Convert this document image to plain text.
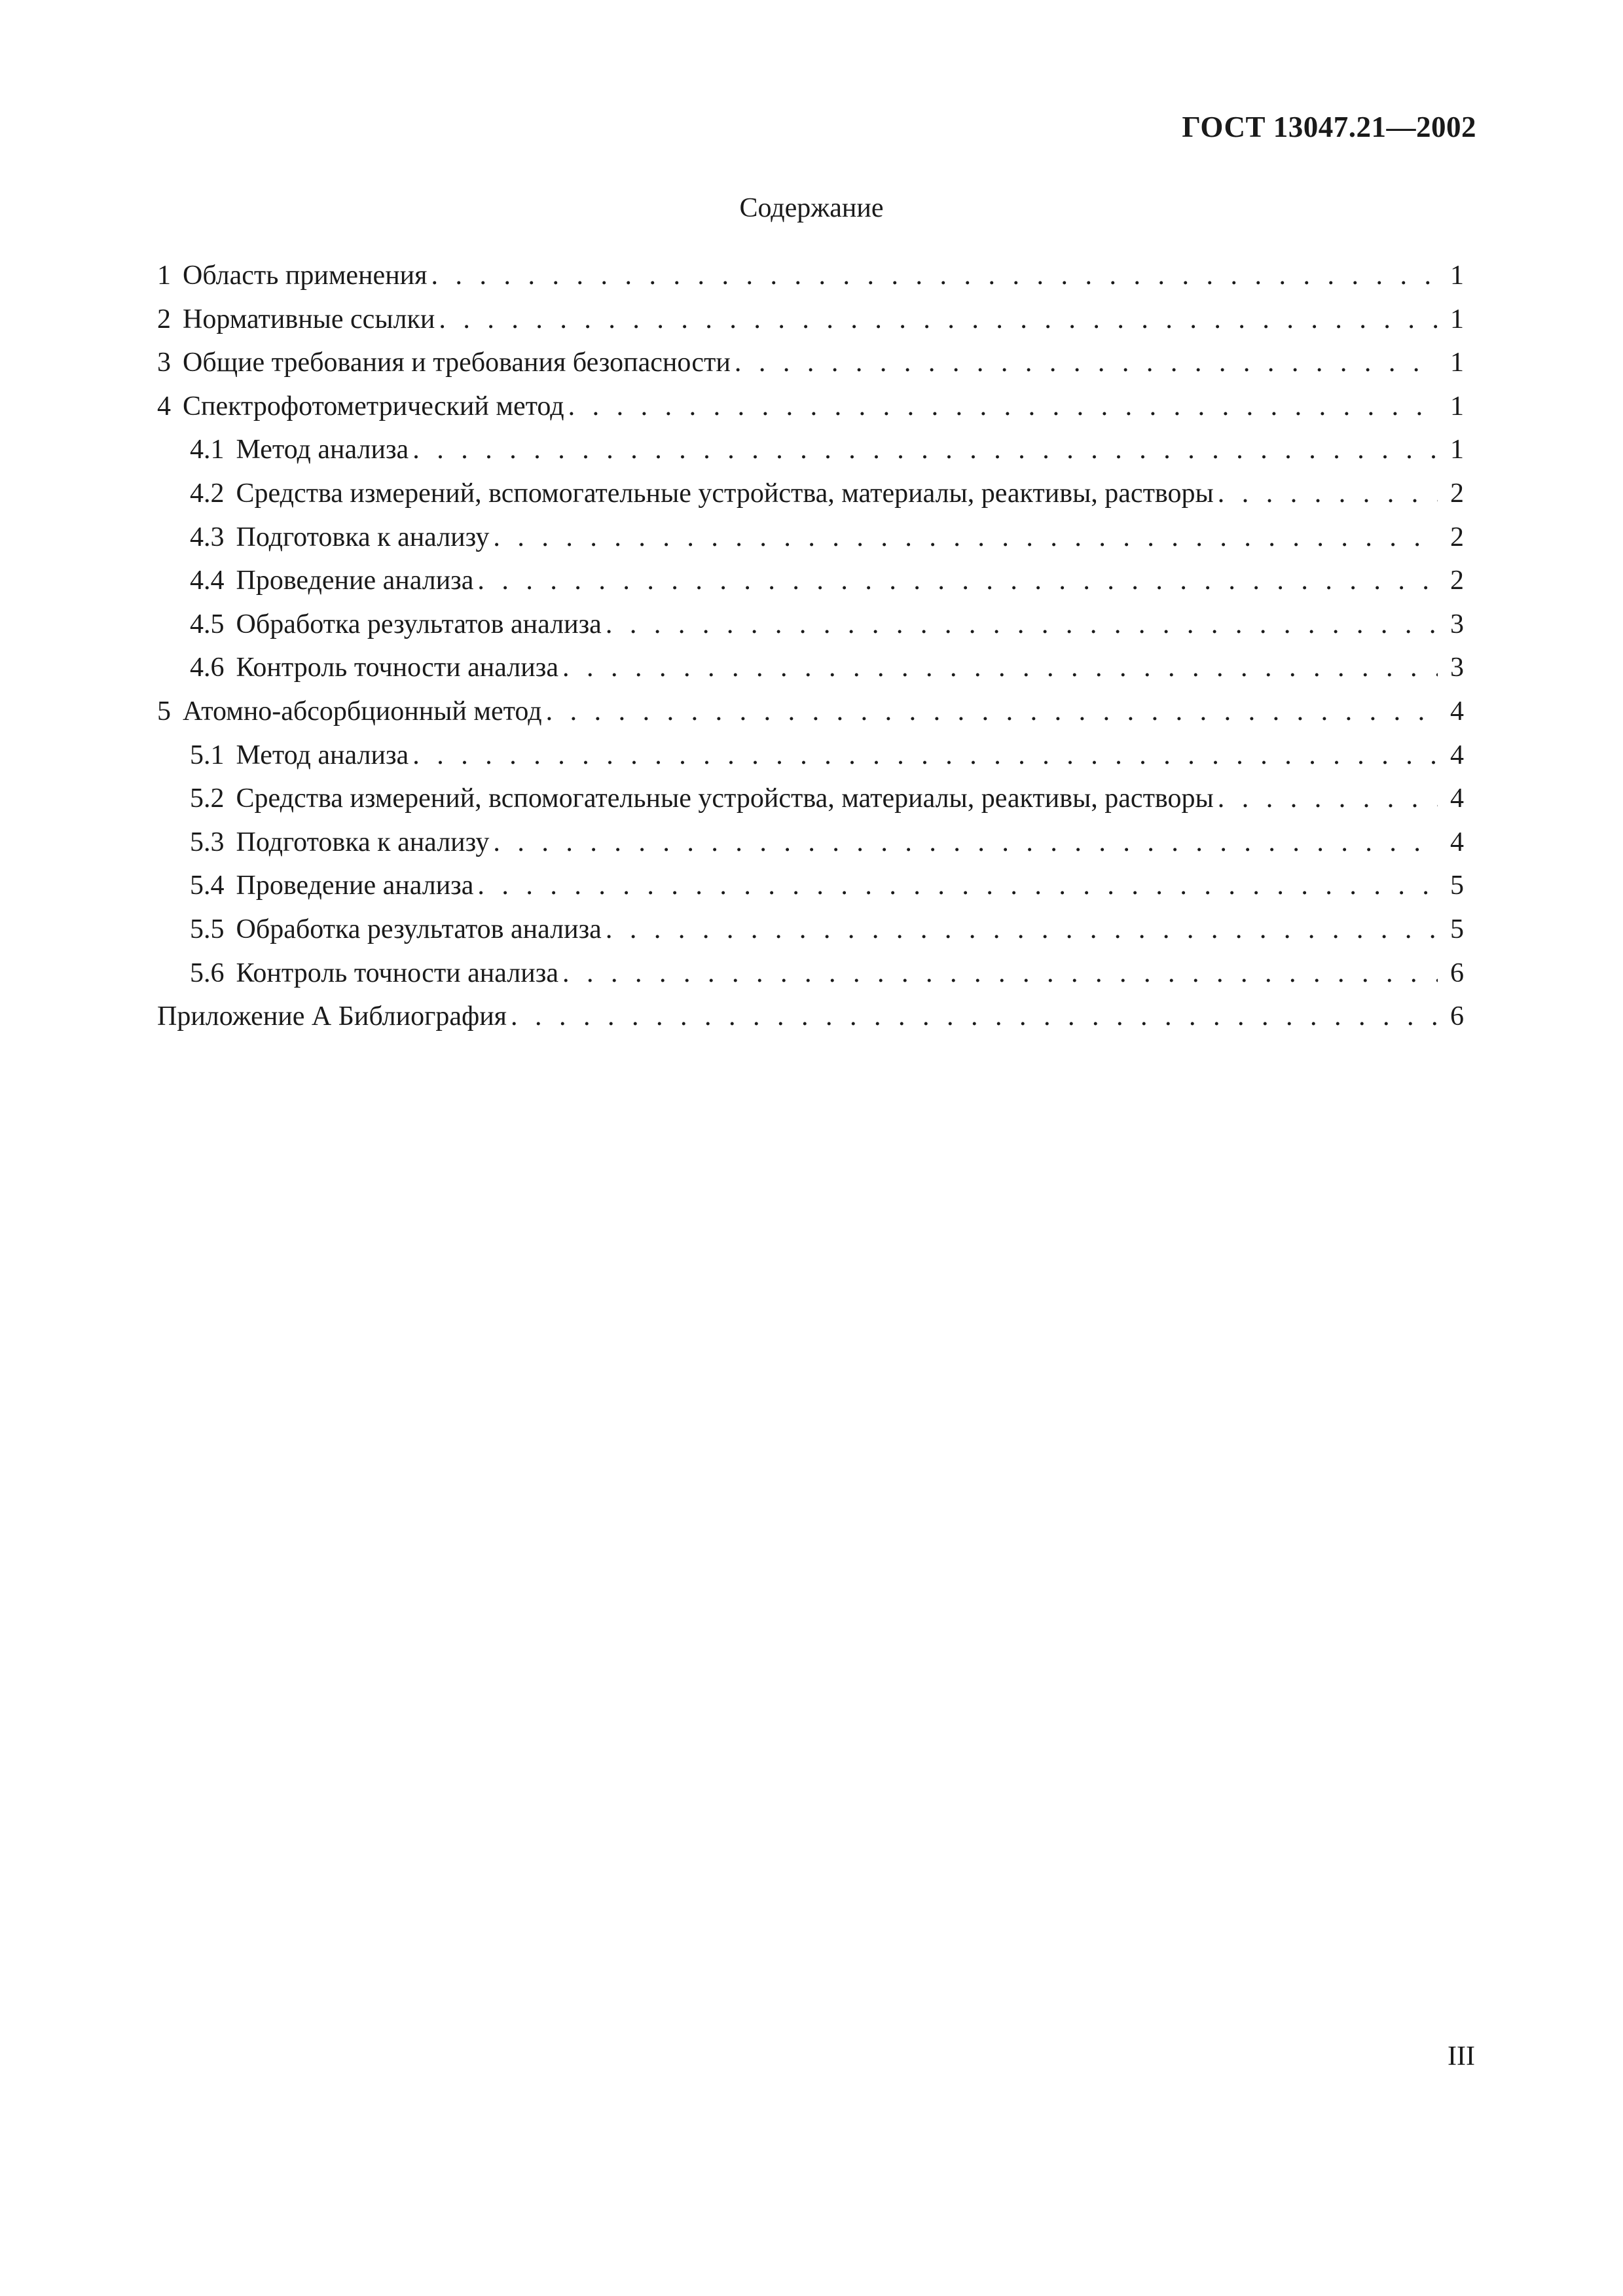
ГОСТ 13047.21—2002
Содержание
1 Область применения . . .	1
2 Нормативные ссылки . . .	1
3 Общие требования и требования безопасности . . .	1
4 Спектрофотометрический метод . . .	1
4.1 Метод анализа . . .	1
4.2 Средства измерений, вспомогательные устройства, материалы, реактивы, растворы . . .	2
4.3 Подготовка к анализу . . .	2
4.4 Проведение анализа . . .	2
4.5 Обработка результатов анализа . . .	3
4.6 Контроль точности анализа . . .	3
5 Атомно-абсорбционный метод . . .	4
5.1 Метод анализа . . .	4
5.2 Средства измерений, вспомогательные устройства, материалы, реактивы, растворы . . .	4
5.3 Подготовка к анализу . . .	4
5.4 Проведение анализа . . .	5
5.5 Обработка результатов анализа . . .	5
5.6 Контроль точности анализа . . .	6
Приложение А Библиография . . .	6
III
